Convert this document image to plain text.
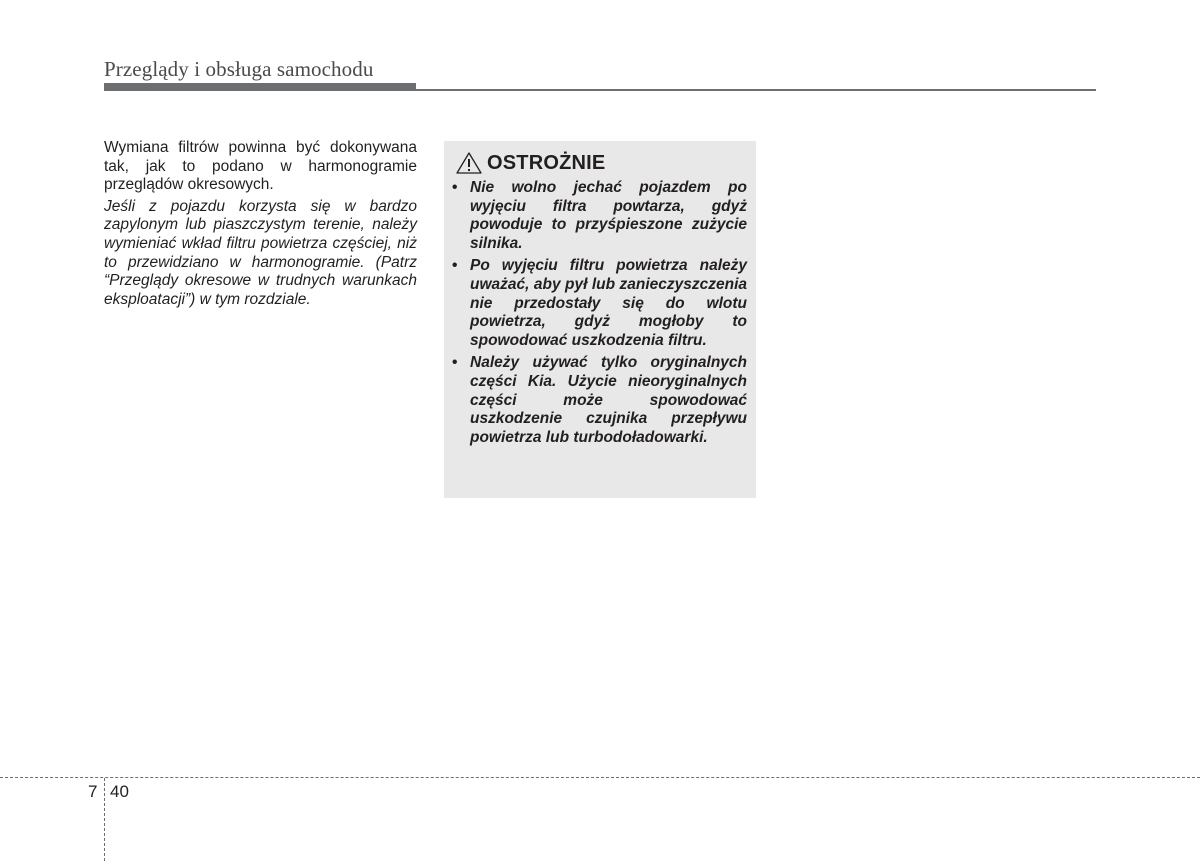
Przeglądy i obsługa samochodu

Wymiana filtrów powinna być dokonywana tak, jak to podano w harmonogramie przeglądów okresowych.

Jeśli z pojazdu korzysta się w bardzo zapylonym lub piaszczystym terenie, należy wymieniać wkład filtru powietrza częściej, niż to przewidziano w harmonogramie. (Patrz “Przeglądy okresowe w trudnych warunkach eksploatacji”) w tym rozdziale.

OSTROŻNIE
• Nie wolno jechać pojazdem po wyjęciu filtra powtarza, gdyż powoduje to przyśpieszone zużycie silnika.
• Po wyjęciu filtru powietrza należy uważać, aby pył lub zanieczyszczenia nie przedostały się do wlotu powietrza, gdyż mogłoby to spowodować uszkodzenia filtru.
• Należy używać tylko oryginalnych części Kia. Użycie nieoryginalnych części może spowodować uszkodzenie czujnika przepływu powietrza lub turbodoładowarki.
7 40
